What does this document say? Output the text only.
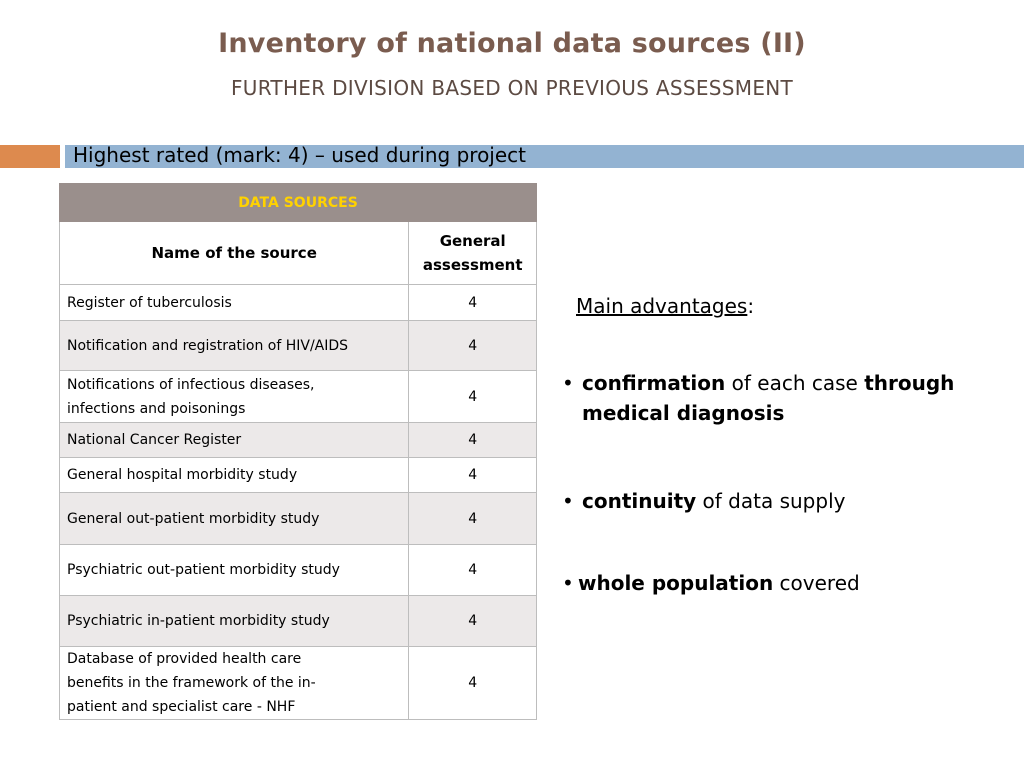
Inventory of national data sources (II)
FURTHER DIVISION BASED ON PREVIOUS ASSESSMENT
Highest rated (mark: 4) – used during project
DATA SOURCES	
Name of the source	General assessment
Register of tuberculosis	4
Notification and registration of HIV/AIDS	4

Notifications of infectious diseases, infections and poisonings	4
National Cancer Register	4
General hospital morbidity study	4
General out-patient morbidity study	4
Psychiatric out-patient morbidity study	4
Psychiatric in-patient morbidity study	4

Database of provided health care benefits in the framework of the in-patient and specialist care - NHF	4
Main advantages:
• confirmation of each case through medical diagnosis
• continuity of data supply
• whole population covered
